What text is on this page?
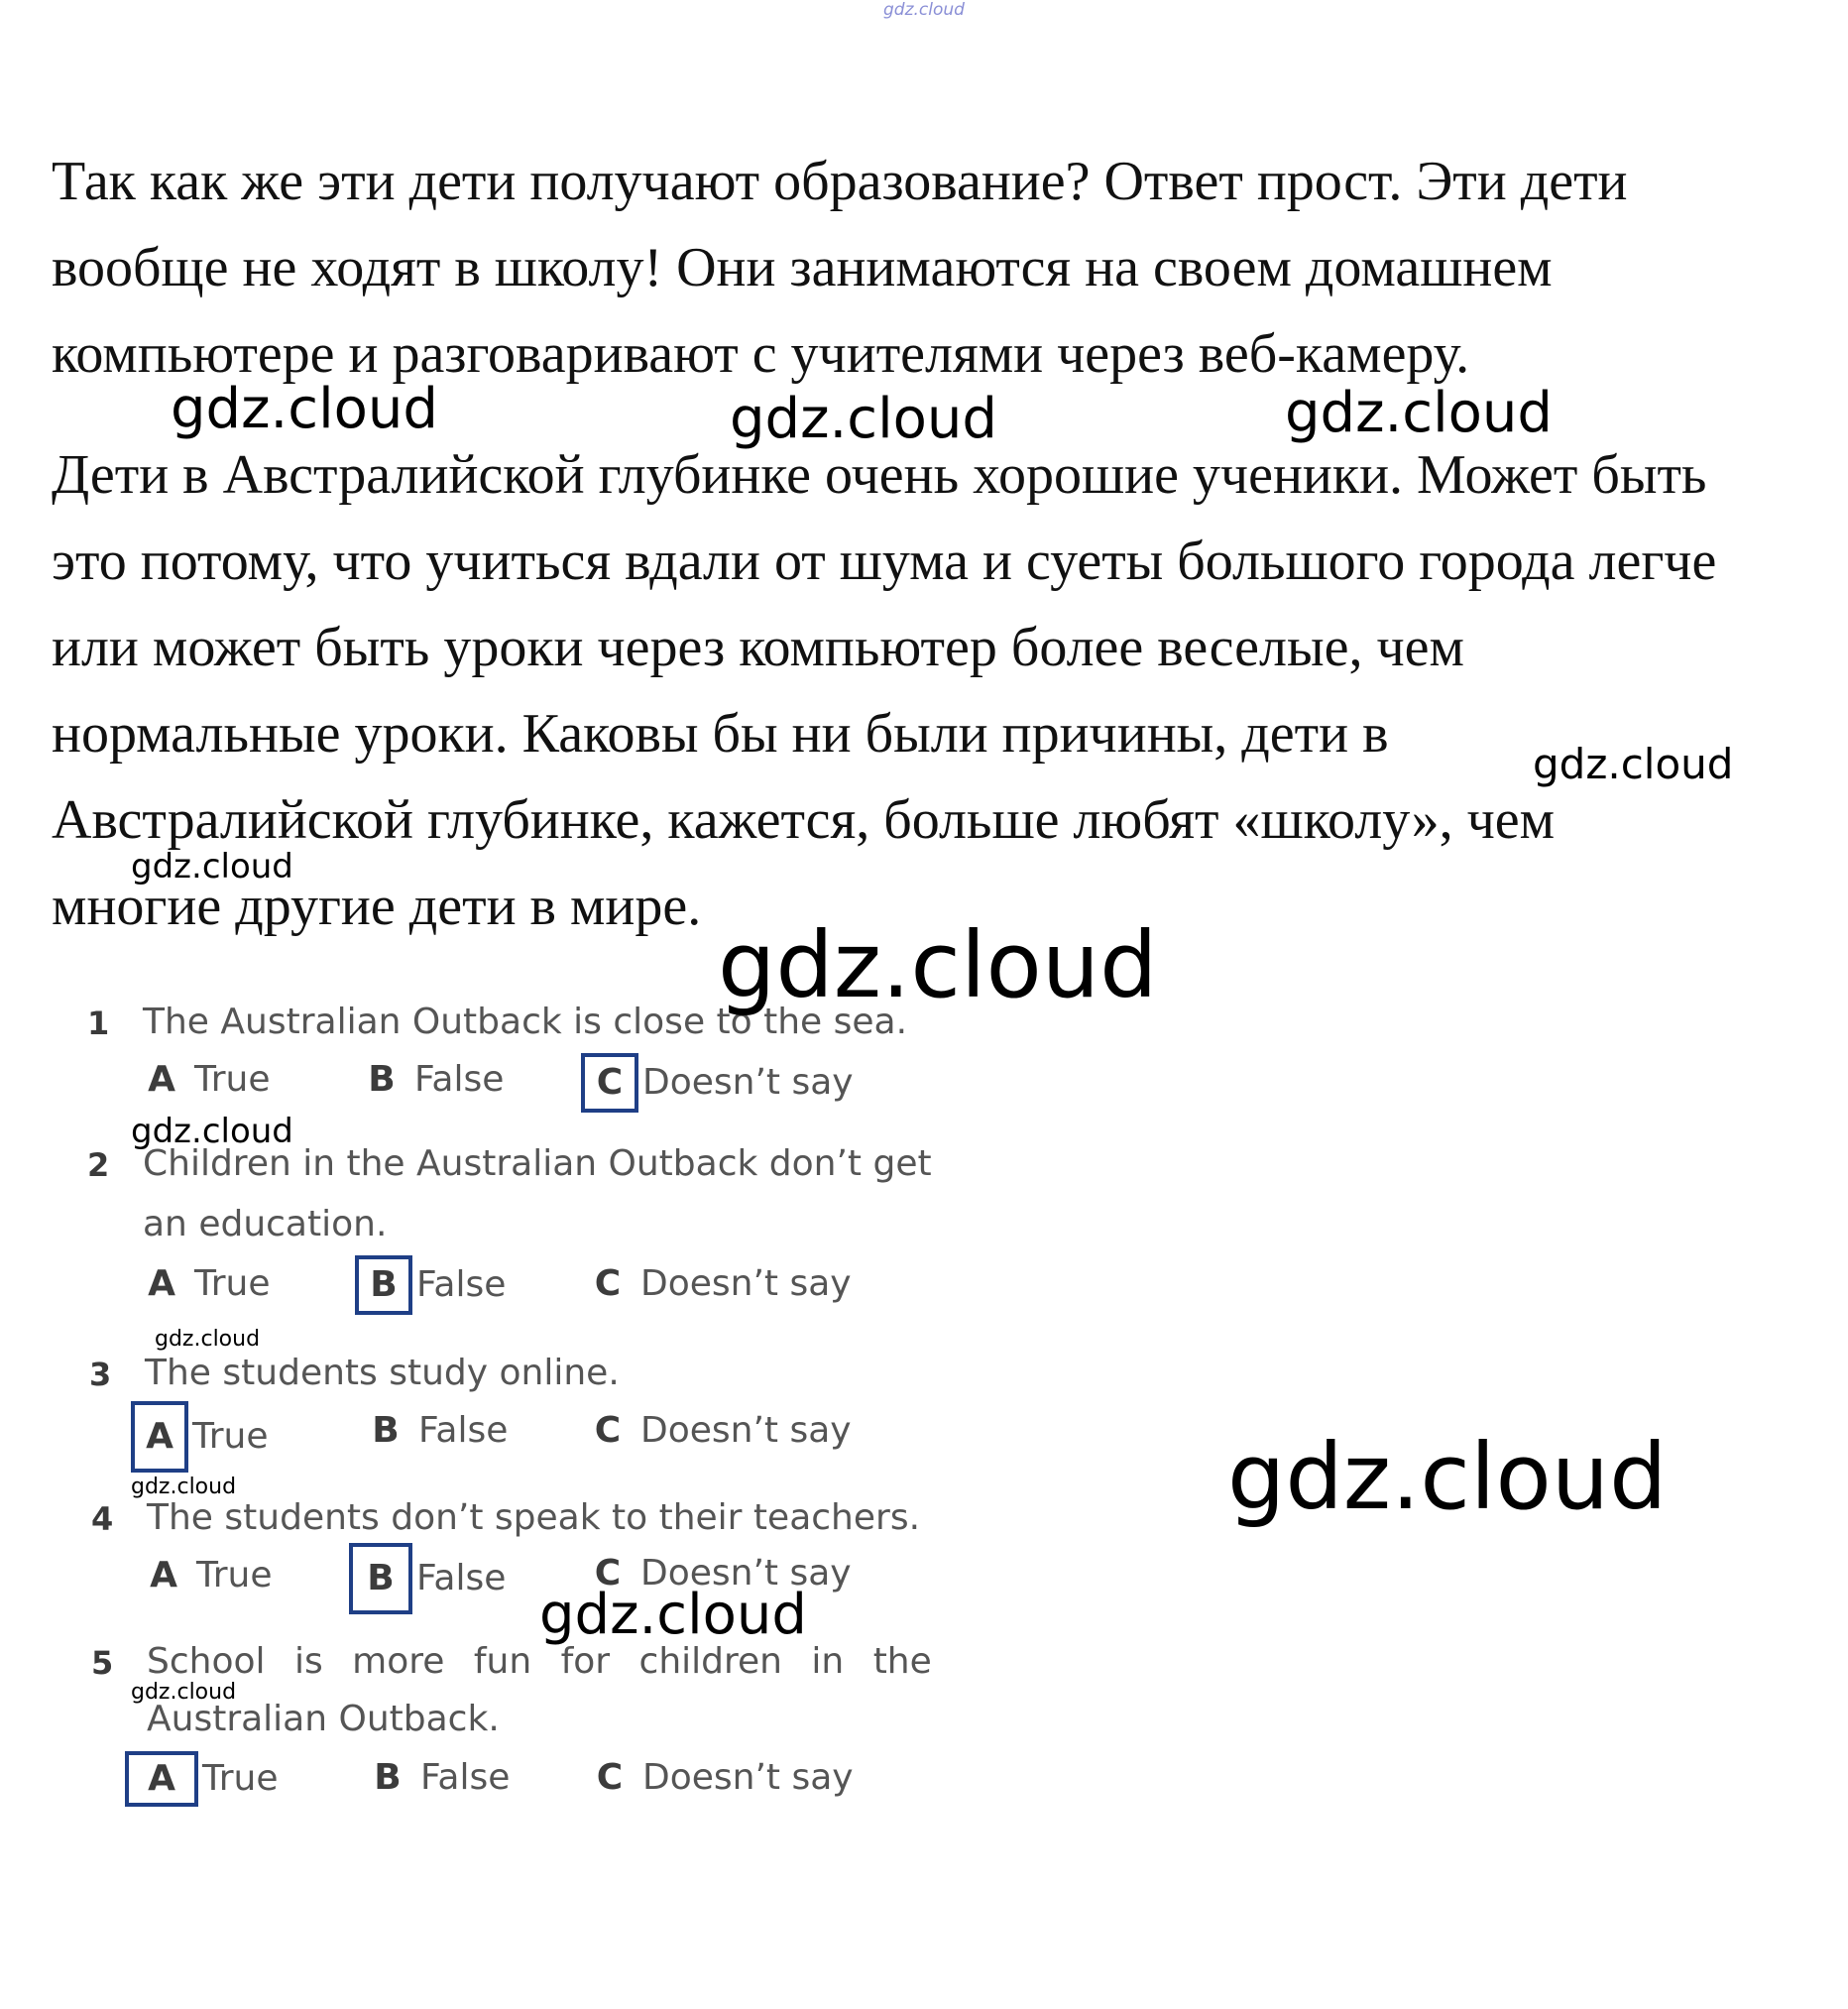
gdz.cloud
Так как же эти дети получают образование? Ответ прост. Эти дети
вообще не ходят в школу! Они занимаются на своем домашнем
компьютере и разговаривают с учителями через веб-камеру.
Дети в Австралийской глубинке очень хорошие ученики. Может быть
это потому, что учиться вдали от шума и суеты большого города легче
или может быть уроки через компьютер более веселые, чем
нормальные уроки. Каковы бы ни были причины, дети в
Австралийской глубинке, кажется, больше любят «школу», чем
многие другие дети в мире.
1 The Australian Outback is close to the sea.
A True	B False	C Doesn’t say
2 Children in the Australian Outback don’t get
an education.
A True	B False C Doesn’t say
3 The students study online.
A True	B False C Doesn’t say
4 The students don’t speak to their teachers.
A True	B False C Doesn’t say
5 School is more fun for children in the
Australian Outback.
A True	B False C Doesn’t say
gdz.cloud	gdz.cloud	gdz.cloud
gdz.cloud
gdz.cloud
gdz.cloud
gdz.cloud
gdz.cloud
gdz.cloud
gdz.cloud
gdz.cloud
gdz.cloud
